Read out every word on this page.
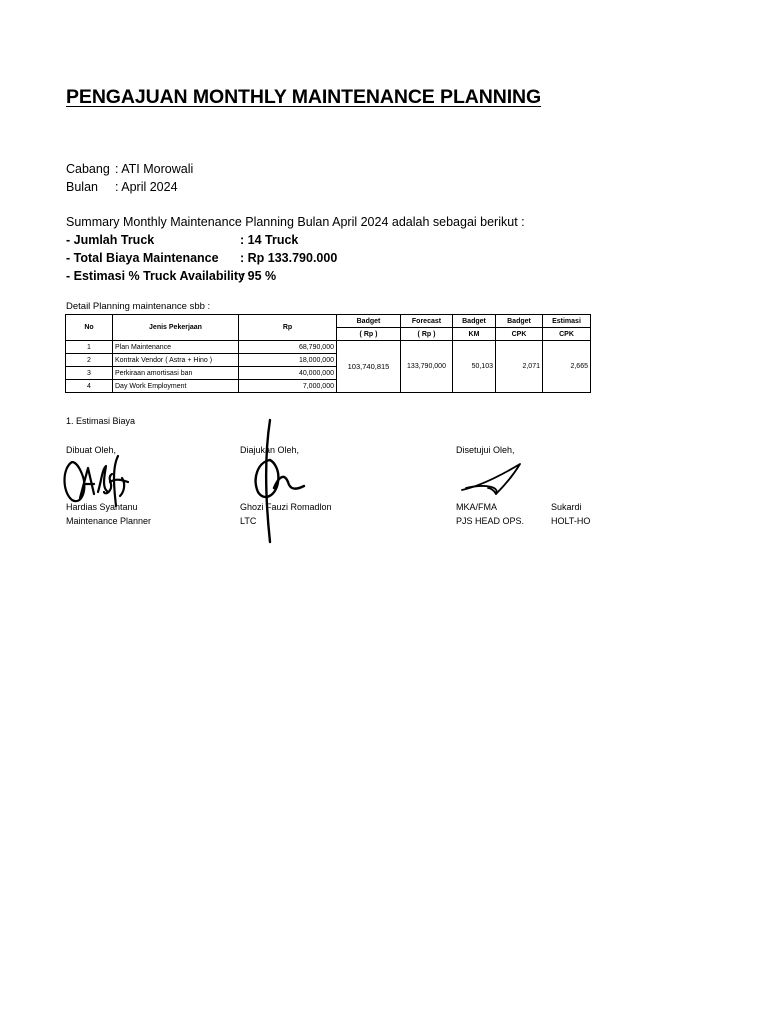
PENGAJUAN MONTHLY MAINTENANCE PLANNING
Cabang : ATI Morowali
Bulan : April 2024
Summary Monthly Maintenance Planning Bulan April 2024 adalah sebagai berikut :
- Jumlah Truck	: 14 Truck
- Total Biaya Maintenance : Rp 133.790.000
- Estimasi % Truck Availability
: 95 %
Detail Planning maintenance sbb :
No	Jenis Pekerjaan	Rp	Badget	Forecast	Badget	Badget	Estimasi
			( Rp )	( Rp )	KM	CPK	CPK
1	Plan Maintenance	68,790,000	103,740,815	133,790,000	50,103	2,071	2,665
2	Kontrak Vendor ( Astra + Hino )	18,000,000					
3	Perkiraan amortisasi ban	40,000,000					
4	Day Work Employment	7,000,000					
1. Estimasi Biaya
Dibuat Oleh,	Diajukan Oleh,	Disetujui Oleh,
Hardias Syantanu
Maintenance Planner
Ghozi Fauzi Romadlon
LTC
MKA/FMA
PJS HEAD OPS.
Sukardi
HOLT-HO
